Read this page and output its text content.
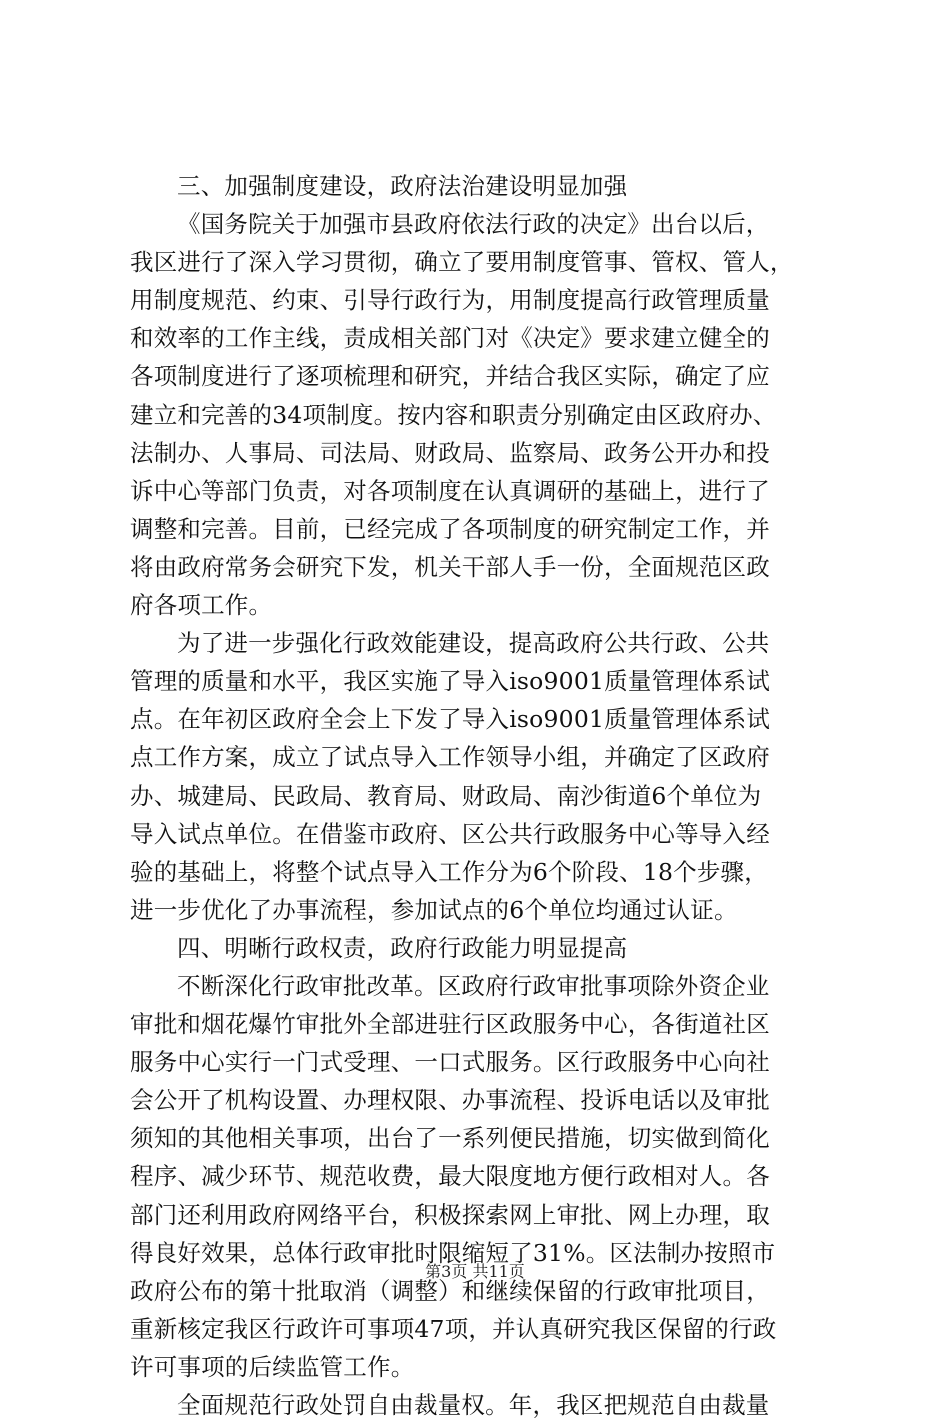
三、加强制度建设，政府法治建设明显加强
《国务院关于加强市县政府依法行政的决定》出台以后，
我区进行了深入学习贯彻，确立了要用制度管事、管权、管人，
用制度规范、约束、引导行政行为，用制度提高行政管理质量
和效率的工作主线，责成相关部门对《决定》要求建立健全的
各项制度进行了逐项梳理和研究，并结合我区实际，确定了应
建立和完善的34项制度。按内容和职责分别确定由区政府办、
法制办、人事局、司法局、财政局、监察局、政务公开办和投
诉中心等部门负责，对各项制度在认真调研的基础上，进行了
调整和完善。目前，已经完成了各项制度的研究制定工作，并
将由政府常务会研究下发，机关干部人手一份，全面规范区政
府各项工作。
为了进一步强化行政效能建设，提高政府公共行政、公共
管理的质量和水平，我区实施了导入iso9001质量管理体系试
点。在年初区政府全会上下发了导入iso9001质量管理体系试
点工作方案，成立了试点导入工作领导小组，并确定了区政府
办、城建局、民政局、教育局、财政局、南沙街道6个单位为
导入试点单位。在借鉴市政府、区公共行政服务中心等导入经
验的基础上，将整个试点导入工作分为6个阶段、18个步骤，
进一步优化了办事流程，参加试点的6个单位均通过认证。
四、明晰行政权责，政府行政能力明显提高
不断深化行政审批改革。区政府行政审批事项除外资企业
审批和烟花爆竹审批外全部进驻行区政服务中心，各街道社区
服务中心实行一门式受理、一口式服务。区行政服务中心向社
会公开了机构设置、办理权限、办事流程、投诉电话以及审批
须知的其他相关事项，出台了一系列便民措施，切实做到简化
程序、减少环节、规范收费，最大限度地方便行政相对人。各
部门还利用政府网络平台，积极探索网上审批、网上办理，取
得良好效果，总体行政审批时限缩短了31%。区法制办按照市
政府公布的第十批取消（调整）和继续保留的行政审批项目，
重新核定我区行政许可事项47项，并认真研究我区保留的行政
许可事项的后续监管工作。
全面规范行政处罚自由裁量权。年，我区把规范自由裁量
第3页 共11页
